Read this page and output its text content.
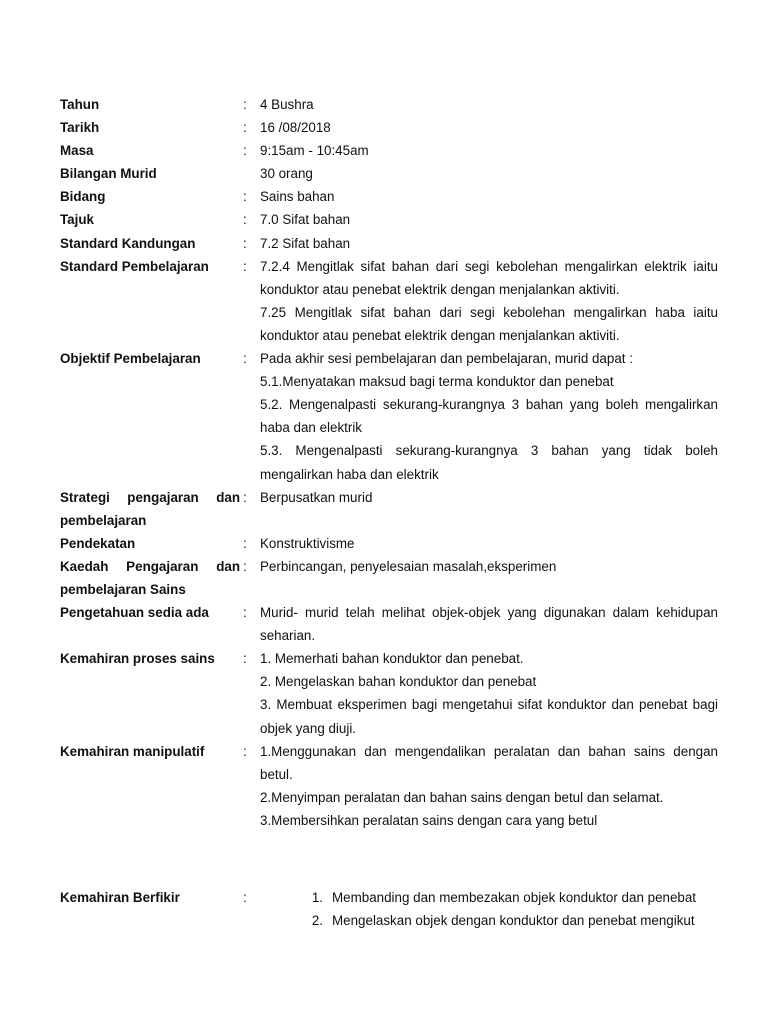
Tahun	: 4 Bushra
Tarikh	: 16 /08/2018
Masa	: 9:15am - 10:45am
Bilangan Murid	30 orang
Bidang	: Sains bahan
Tajuk	: 7.0 Sifat bahan
Standard Kandungan	: 7.2 Sifat bahan
Standard Pembelajaran	: 7.2.4 Mengitlak sifat bahan dari segi kebolehan mengalirkan elektrik iaitu konduktor atau penebat elektrik dengan menjalankan aktiviti.
7.25 Mengitlak sifat bahan dari segi kebolehan mengalirkan haba iaitu konduktor atau penebat elektrik dengan menjalankan aktiviti.
Objektif Pembelajaran	: Pada akhir sesi pembelajaran dan pembelajaran, murid dapat :
5.1.Menyatakan maksud bagi terma konduktor dan penebat
5.2. Mengenalpasti sekurang-kurangnya 3 bahan yang boleh mengalirkan haba dan elektrik
5.3. Mengenalpasti sekurang-kurangnya 3 bahan yang tidak boleh mengalirkan haba dan elektrik
Strategi pengajaran dan pembelajaran
: Berpusatkan murid
Pendekatan	: Konstruktivisme
Kaedah Pengajaran dan pembelajaran Sains
: Perbincangan, penyelesaian masalah,eksperimen
Pengetahuan sedia ada	: Murid- murid telah melihat objek-objek yang digunakan dalam kehidupan seharian.
Kemahiran proses sains	: 1. Memerhati bahan konduktor dan penebat.
2. Mengelaskan bahan konduktor dan penebat
3. Membuat eksperimen bagi mengetahui sifat konduktor dan penebat bagi objek yang diuji.
Kemahiran manipulatif	: 1.Menggunakan dan mengendalikan peralatan dan bahan sains dengan betul.
2.Menyimpan peralatan dan bahan sains dengan betul dan selamat.
3.Membersihkan peralatan sains dengan cara yang betul
Kemahiran Berfikir	:	1. Membanding dan membezakan objek konduktor dan penebat
2. Mengelaskan objek dengan konduktor dan penebat mengikut
